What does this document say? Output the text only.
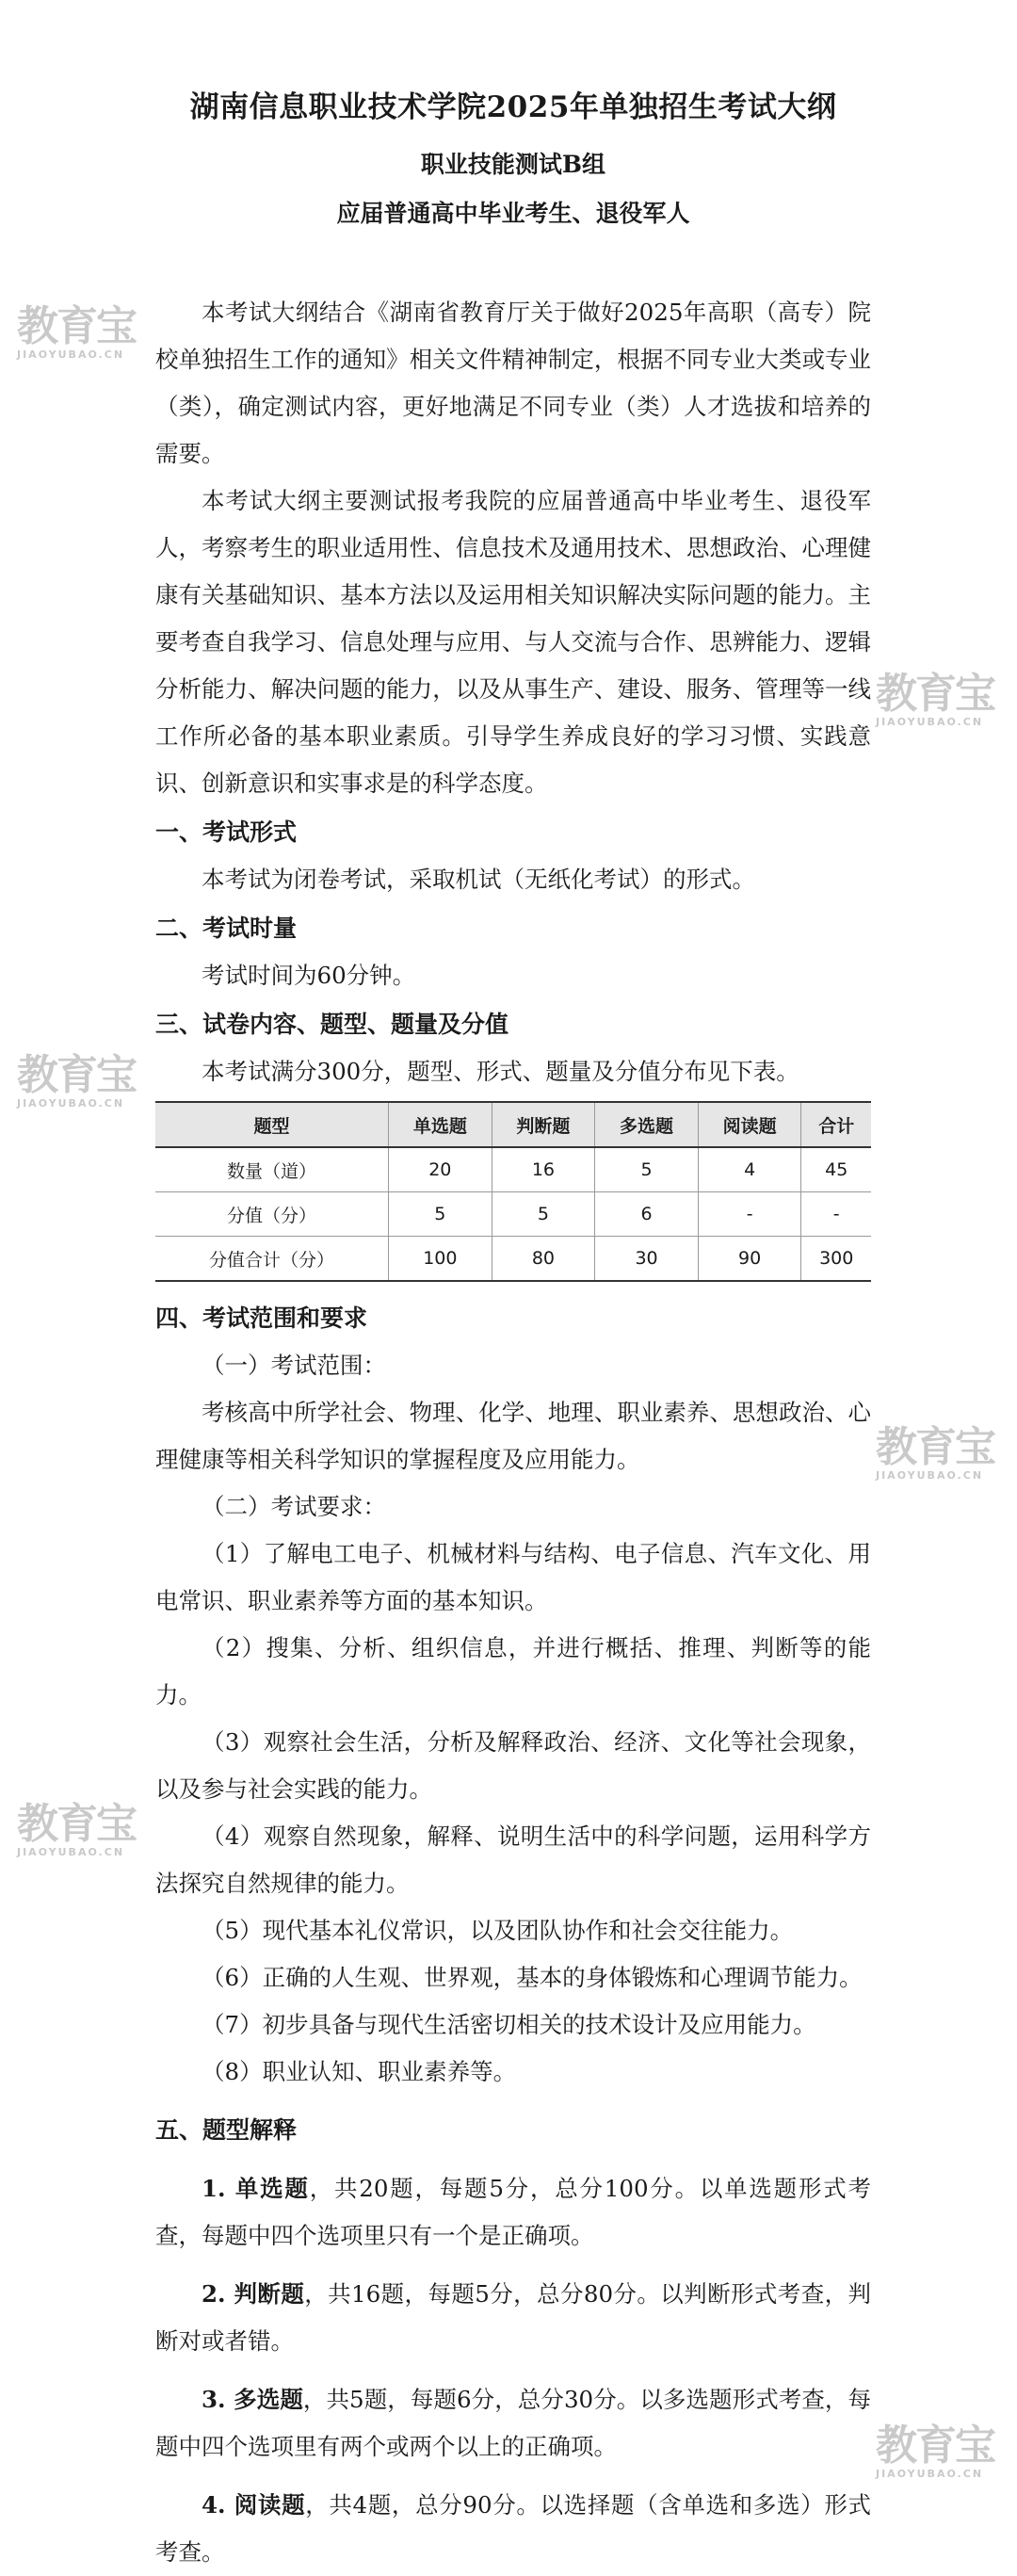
教育宝
JIAOYUBAO.CN
教育宝
JIAOYUBAO.CN
教育宝
JIAOYUBAO.CN
教育宝
JIAOYUBAO.CN
教育宝
JIAOYUBAO.CN
教育宝
JIAOYUBAO.CN
湖南信息职业技术学院2025年单独招生考试大纲
职业技能测试B组
应届普通高中毕业考生、退役军人

本考试大纲结合《湖南省教育厅关于做好2025年高职（高专）院校单独招生工作的通知》相关文件精神制定，根据不同专业大类或专业（类），确定测试内容，更好地满足不同专业（类）人才选拔和培养的需要。

本考试大纲主要测试报考我院的应届普通高中毕业考生、退役军人，考察考生的职业适用性、信息技术及通用技术、思想政治、心理健康有关基础知识、基本方法以及运用相关知识解决实际问题的能力。主要考查自我学习、信息处理与应用、与人交流与合作、思辨能力、逻辑分析能力、解决问题的能力，以及从事生产、建设、服务、管理等一线工作所必备的基本职业素质。引导学生养成良好的学习习惯、实践意识、创新意识和实事求是的科学态度。

一、考试形式

本考试为闭卷考试，采取机试（无纸化考试）的形式。

二、考试时量

考试时间为60分钟。

三、试卷内容、题型、题量及分值

本考试满分300分，题型、形式、题量及分值分布见下表。

题型	单选题	判断题	多选题	阅读题	合计
数量（道）	20	16	5	4	45
分值（分）	5	5	6	-	-
分值合计（分）	100	80	30	90	300
四、考试范围和要求

（一）考试范围：

考核高中所学社会、物理、化学、地理、职业素养、思想政治、心理健康等相关科学知识的掌握程度及应用能力。

（二）考试要求：

（1）了解电工电子、机械材料与结构、电子信息、汽车文化、用电常识、职业素养等方面的基本知识。

（2）搜集、分析、组织信息，并进行概括、推理、判断等的能力。

（3）观察社会生活，分析及解释政治、经济、文化等社会现象，以及参与社会实践的能力。

（4）观察自然现象，解释、说明生活中的科学问题，运用科学方法探究自然规律的能力。

（5）现代基本礼仪常识，以及团队协作和社会交往能力。

（6）正确的人生观、世界观，基本的身体锻炼和心理调节能力。

（7）初步具备与现代生活密切相关的技术设计及应用能力。

（8）职业认知、职业素养等。

五、题型解释

1. 单选题，共20题，每题5分，总分100分。以单选题形式考查，每题中四个选项里只有一个是正确项。

2. 判断题，共16题，每题5分，总分80分。以判断形式考查，判断对或者错。

3. 多选题，共5题，每题6分，总分30分。以多选题形式考查，每题中四个选项里有两个或两个以上的正确项。

4. 阅读题，共4题，总分90分。以选择题（含单选和多选）形式考查。
